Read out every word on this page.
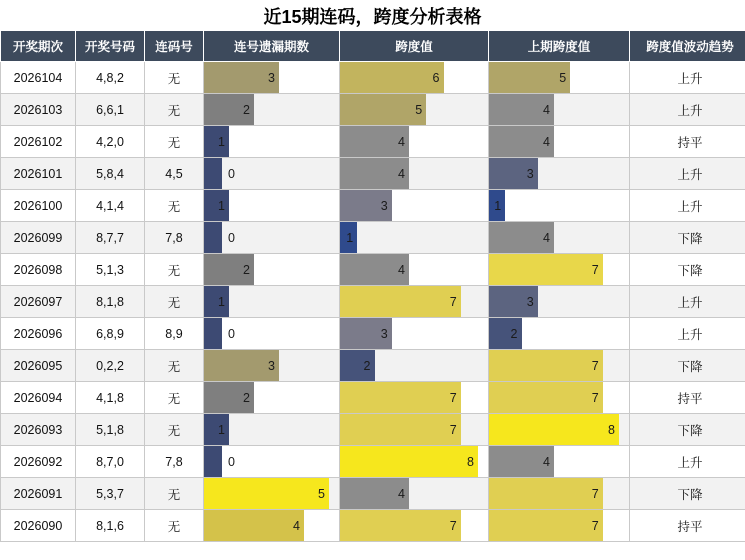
近15期连码，跨度分析表格
开奖期次	开奖号码	连码号	连号遗漏期数	跨度值	上期跨度值	跨度值波动趋势
2026104	4,8,2	无	3	6	5	上升
2026103	6,6,1	无	2	5	4	上升
2026102	4,2,0	无	1	4	4	持平
2026101	5,8,4	4,5	0	4	3	上升
2026100	4,1,4	无	1	3	1	上升
2026099	8,7,7	7,8	0	1	4	下降
2026098	5,1,3	无	2	4	7	下降
2026097	8,1,8	无	1	7	3	上升
2026096	6,8,9	8,9	0	3	2	上升
2026095	0,2,2	无	3	2	7	下降
2026094	4,1,8	无	2	7	7	持平
2026093	5,1,8	无	1	7	8	下降
2026092	8,7,0	7,8	0	8	4	上升
2026091	5,3,7	无	5	4	7	下降
2026090	8,1,6	无	4	7	7	持平
